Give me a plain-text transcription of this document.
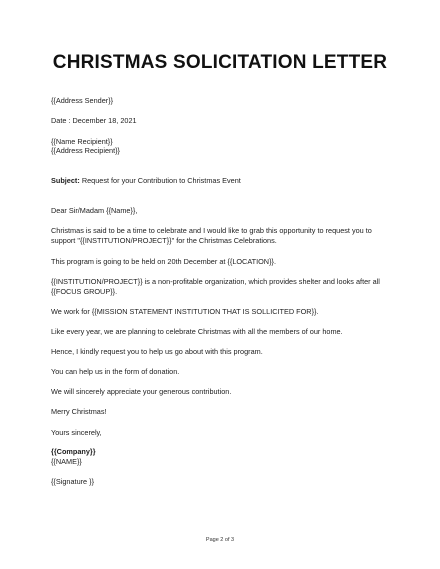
CHRISTMAS SOLICITATION LETTER
{{Address Sender}}
Date : December 18, 2021
{{Name Recipient}}
{{Address Recipient}}
Subject: Request for your Contribution to Christmas Event
Dear Sir/Madam {{Name}},
Christmas is said to be a time to celebrate and I would like to grab this opportunity to request you to
support "{{INSTITUTION/PROJECT}}" for the Christmas Celebrations.
This program is going to be held on 20th December at {{LOCATION}}.
{{INSTITUTION/PROJECT}} is a non-profitable organization, which provides shelter and looks after all
{{FOCUS GROUP}}.
We work for {{MISSION STATEMENT INSTITUTION THAT IS SOLLICITED FOR}}.
Like every year, we are planning to celebrate Christmas with all the members of our home.
Hence, I kindly request you to help us go about with this program.
You can help us in the form of donation.
We will sincerely appreciate your generous contribution.
Merry Christmas!
Yours sincerely,
{{Company}}
{{NAME}}
{{Signature }}
Page 2 of 3
